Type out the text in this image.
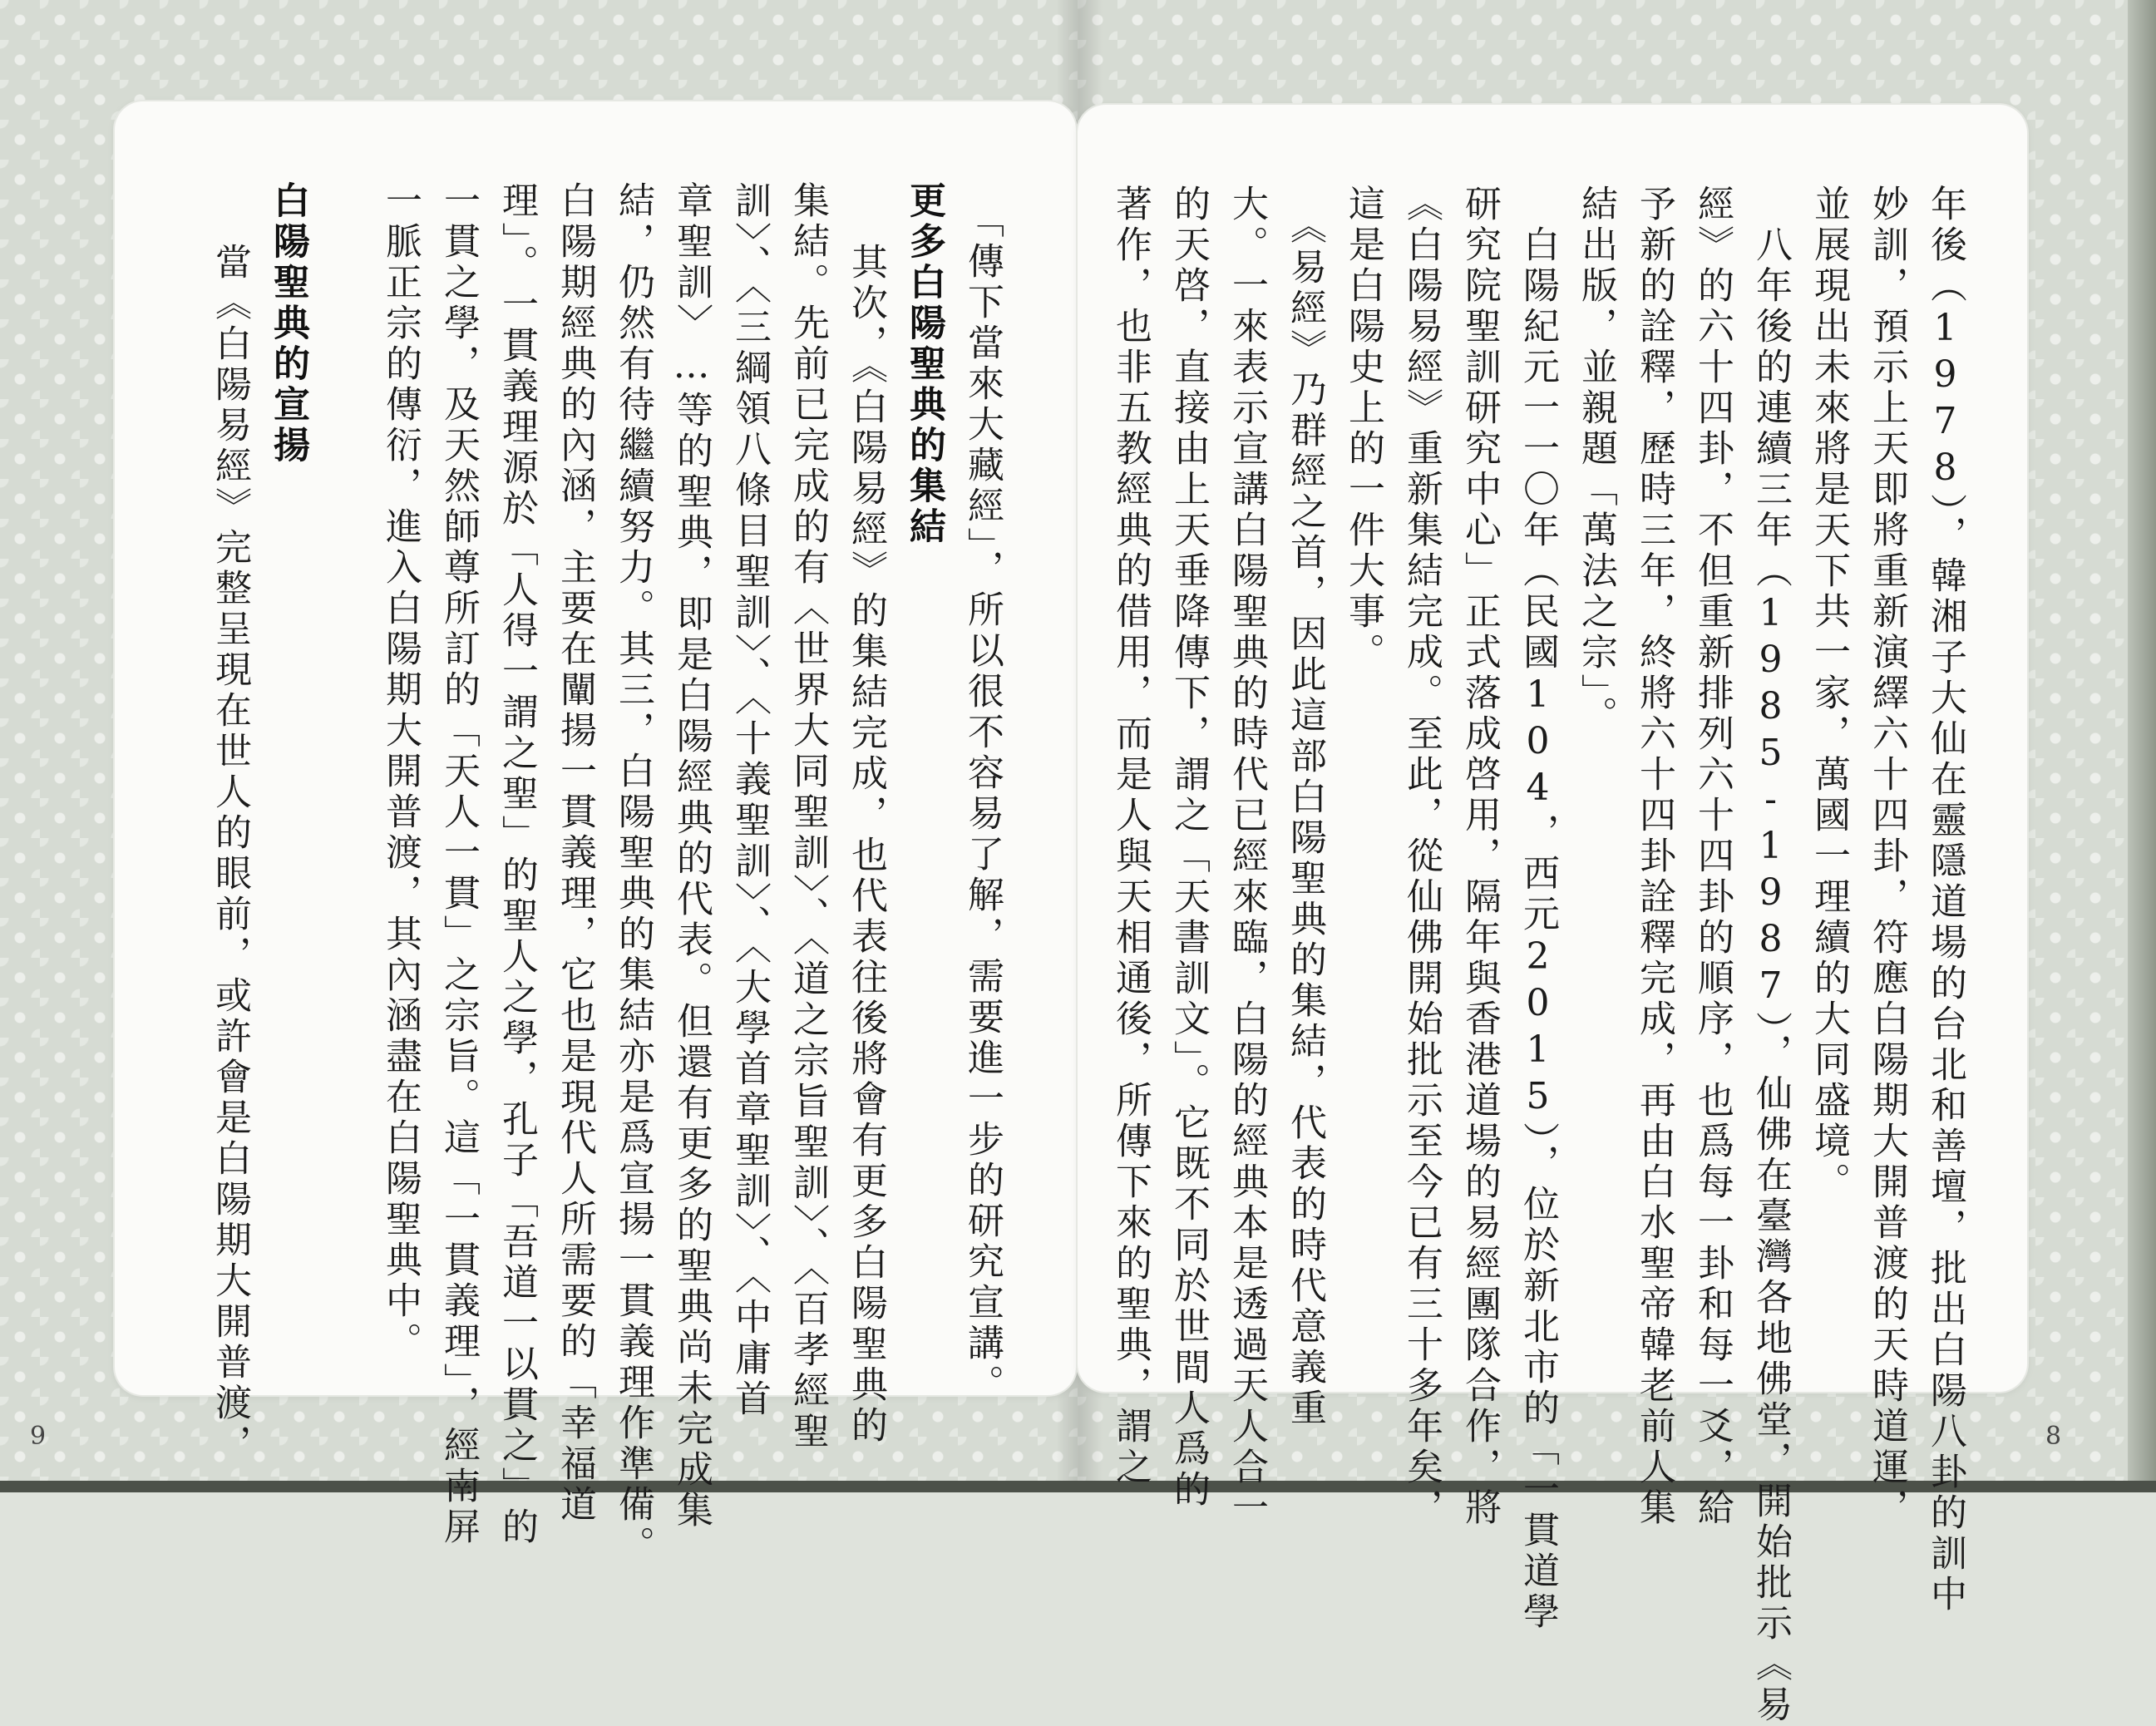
「傳下當來大藏經」，所以很不容易了解，需要進一步的研究宣講。
更多白陽聖典的集結
其次，《白陽易經》的集結完成，也代表往後將會有更多白陽聖典的
集結。先前已完成的有〈世界大同聖訓〉、〈道之宗旨聖訓〉、〈百孝經聖
訓〉、〈三綱領八條目聖訓〉、〈十義聖訓〉、〈大學首章聖訓〉、〈中庸首
章聖訓〉…等的聖典，即是白陽經典的代表。但還有更多的聖典尚未完成集
結，仍然有待繼續努力。其三，白陽聖典的集結亦是爲宣揚一貫義理作準備。
白陽期經典的內涵，主要在闡揚一貫義理，它也是現代人所需要的「幸福道
理」。一貫義理源於「人得一謂之聖」的聖人之學，孔子「吾道一以貫之」的
一貫之學，及天然師尊所訂的「天人一貫」之宗旨。這「一貫義理」，經南屏
一脈正宗的傳衍，進入白陽期大開普渡，其內涵盡在白陽聖典中。
白陽聖典的宣揚
當《白陽易經》完整呈現在世人的眼前，或許會是白陽期大開普渡，	年後（1978），韓湘子大仙在靈隱道場的台北和善壇，批出白陽八卦的訓中
妙訓，預示上天即將重新演繹六十四卦，符應白陽期大開普渡的天時道運，
並展現出未來將是天下共一家，萬國一理續的大同盛境。
　八年後的連續三年（1985-1987），仙佛在臺灣各地佛堂，開始批示《易
經》的六十四卦，不但重新排列六十四卦的順序，也爲每一卦和每一爻，給
予新的詮釋，歷時三年，終將六十四卦詮釋完成，再由白水聖帝韓老前人集
結出版，並親題「萬法之宗」。
　白陽紀元一一〇年（民國104，西元2015），位於新北市的「一貫道學
研究院聖訓研究中心」正式落成啓用，隔年與香港道場的易經團隊合作，將
《白陽易經》重新集結完成。至此，從仙佛開始批示至今已有三十多年矣，
這是白陽史上的一件大事。
　《易經》乃群經之首，因此這部白陽聖典的集結，代表的時代意義重
大。一來表示宣講白陽聖典的時代已經來臨，白陽的經典本是透過天人合一
的天啓，直接由上天垂降傳下，謂之「天書訓文」。它既不同於世間人爲的
著作，也非五教經典的借用，而是人與天相通後，所傳下來的聖典，謂之
9	8
